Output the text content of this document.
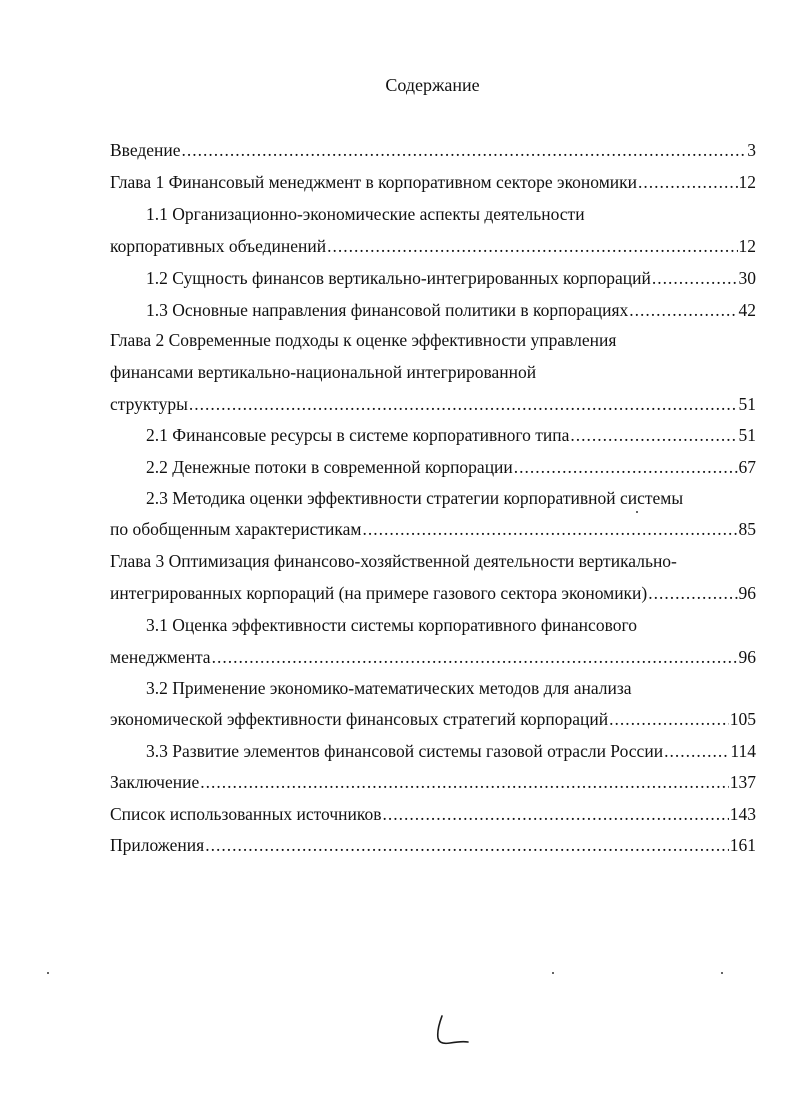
Содержание
Введение .....	3
Глава 1 Финансовый менеджмент в корпоративном секторе экономики .....	12
1.1 Организационно-экономические аспекты деятельности
корпоративных объединений .....	12
1.2 Сущность финансов вертикально-интегрированных корпораций .....	30
1.3 Основные направления финансовой политики в корпорациях .....	42
Глава 2 Современные подходы к оценке эффективности управления
финансами вертикально-национальной интегрированной
структуры .....	51
2.1 Финансовые ресурсы в системе корпоративного типа .....	51
2.2 Денежные потоки в современной корпорации .....	67
2.3 Методика оценки эффективности стратегии корпоративной системы
по обобщенным характеристикам .....	85
Глава 3 Оптимизация финансово-хозяйственной деятельности вертикально-
интегрированных корпораций (на примере газового сектора экономики) .....	96
3.1 Оценка эффективности системы корпоративного финансового
менеджмента .....	96
3.2 Применение экономико-математических методов для анализа
экономической эффективности финансовых стратегий корпораций .....	105
3.3 Развитие элементов финансовой системы газовой отрасли России .....	114
Заключение .....	137
Список использованных источников .....	143
Приложения .....	161
